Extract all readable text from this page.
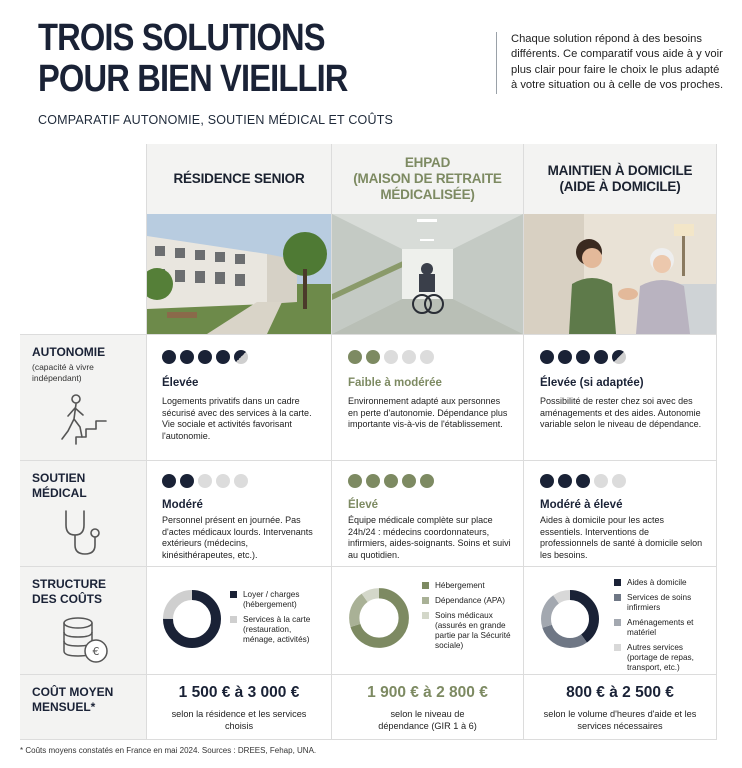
TROIS SOLUTIONS
POUR BIEN VIEILLIR
COMPARATIF AUTONOMIE, SOUTIEN MÉDICAL ET COÛTS
Chaque solution répond à des besoins différents. Ce comparatif vous aide à y voir plus clair pour faire le choix le plus adapté à votre situation ou à celle de vos proches.
RÉSIDENCE SENIOR
EHPAD
(MAISON DE RETRAITE
MÉDICALISÉE)
MAINTIEN À DOMICILE
(AIDE À DOMICILE)
AUTONOMIE
(capacité à vivre indépendant)
SOUTIEN
MÉDICAL
STRUCTURE
DES COÛTS
€
COÛT MOYEN
MENSUEL*
Élevée
Logements privatifs dans un cadre sécurisé avec des services à la carte. Vie sociale et activités favorisant l'autonomie.
Faible à modérée
Environnement adapté aux personnes en perte d'autonomie. Dépendance plus importante vis-à-vis de l'établissement.
Élevée (si adaptée)
Possibilité de rester chez soi avec des aménagements et des aides. Autonomie variable selon le niveau de dépendance.
Modéré
Personnel présent en journée. Pas d'actes médicaux lourds. Intervenants extérieurs (médecins, kinésithérapeutes, etc.).
Élevé
Équipe médicale complète sur place 24h/24 : médecins coordonnateurs, infirmiers, aides-soignants. Soins et suivi au quotidien.
Modéré à élevé
Aides à domicile pour les actes essentiels. Interventions de professionnels de santé à domicile selon les besoins.
Loyer / charges (hébergement)
Services à la carte (restauration, ménage, activités)
Hébergement
Dépendance (APA)
Soins médicaux (assurés en grande partie par la Sécurité sociale)
Aides à domicile
Services de soins infirmiers
Aménagements et matériel
Autres services (portage de repas, transport, etc.)
1 500 € à 3 000 €
selon la résidence et les services choisis
1 900 € à 2 800 €
selon le niveau de dépendance (GIR 1 à 6)
800 € à 2 500 €
selon le volume d'heures d'aide et les services nécessaires
* Coûts moyens constatés en France en mai 2024. Sources : DREES, Fehap, UNA.
